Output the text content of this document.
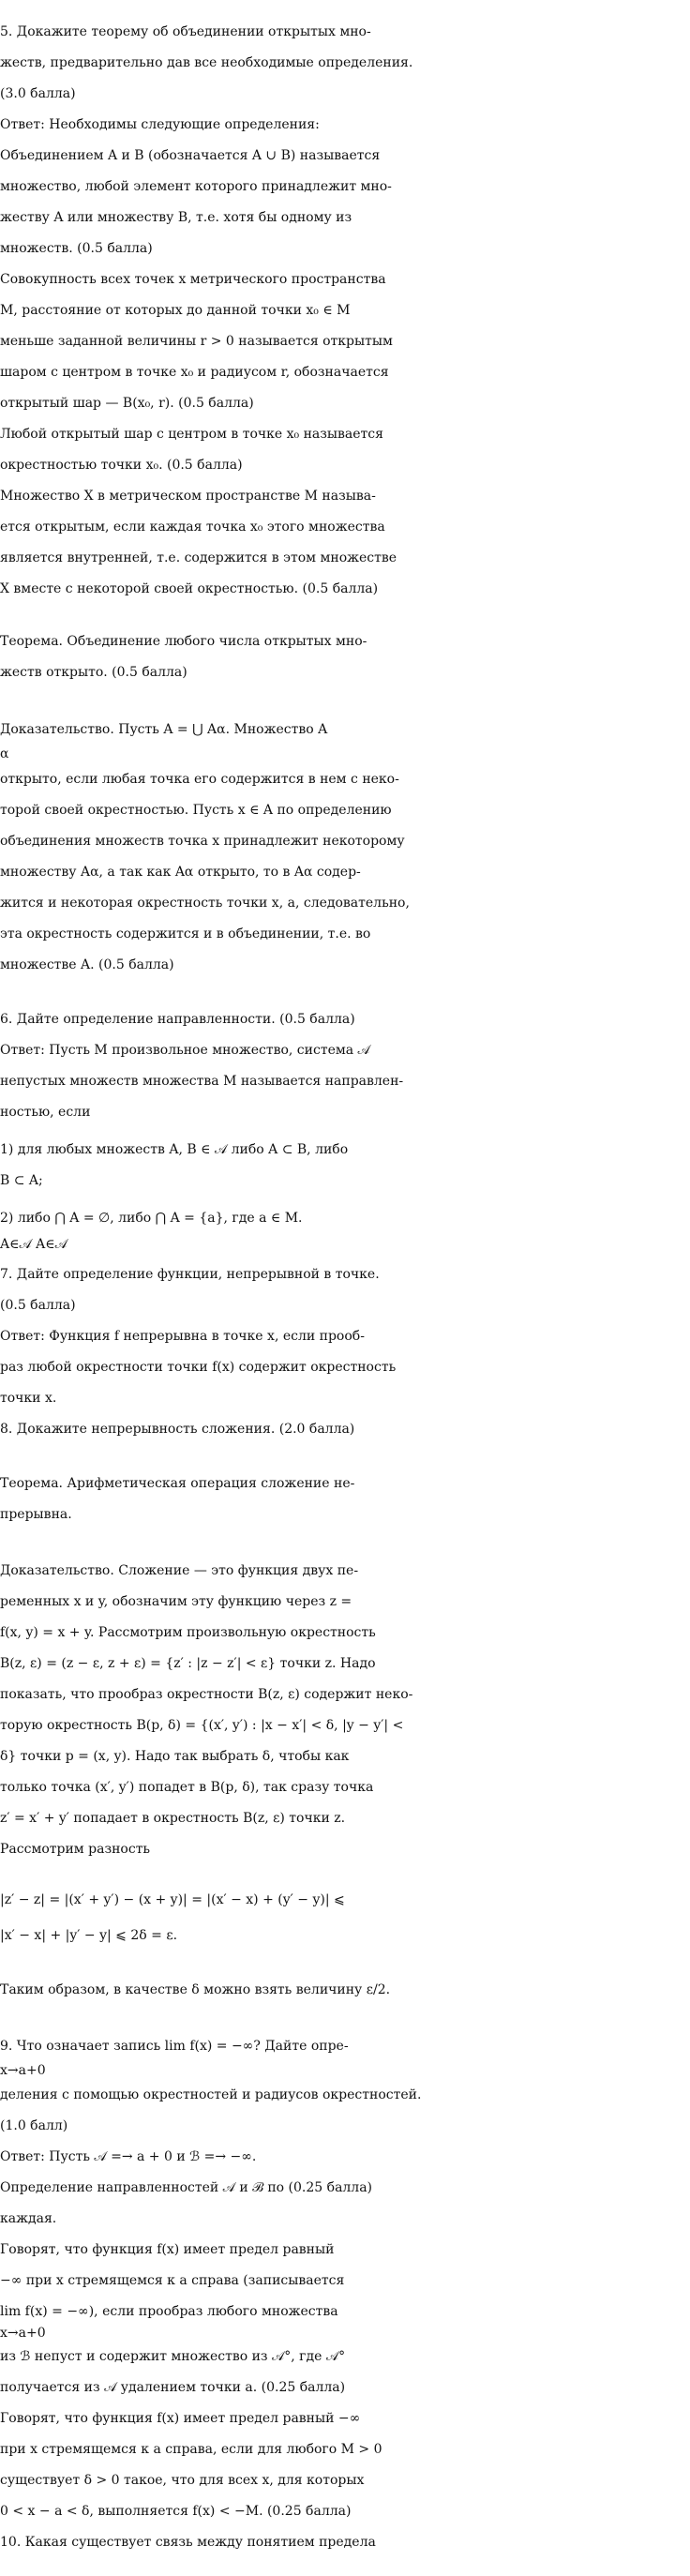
5. Докажите теорему об объединении открытых мно-
жеств, предварительно дав все необходимые определения.
(3.0 балла)
Ответ: Необходимы следующие определения:
Объединением A и B (обозначается A ∪ B) называется
множество, любой элемент которого принадлежит мно-
жеству A или множеству B, т.е. хотя бы одному из
множеств. (0.5 балла)
Совокупность всех точек x метрического пространства
M, расстояние от которых до данной точки x₀ ∈ M
меньше заданной величины r > 0 называется открытым
шаром с центром в точке x₀ и радиусом r, обозначается
открытый шар — B(x₀, r). (0.5 балла)
Любой открытый шар с центром в точке x₀ называется
окрестностью точки x₀. (0.5 балла)
Множество X в метрическом пространстве M называ-
ется открытым, если каждая точка x₀ этого множества
является внутренней, т.е. содержится в этом множестве
X вместе с некоторой своей окрестностью. (0.5 балла)
Теорема. Объединение любого числа открытых мно-
жеств открыто. (0.5 балла)
Доказательство. Пусть A = ⋃ Aα. Множество A
α
открыто, если любая точка его содержится в нем с неко-
торой своей окрестностью. Пусть x ∈ A по определению
объединения множеств точка x принадлежит некоторому
множеству Aα, а так как Aα открыто, то в Aα содер-
жится и некоторая окрестность точки x, а, следовательно,
эта окрестность содержится и в объединении, т.е. во
множестве A. (0.5 балла)
6. Дайте определение направленности. (0.5 балла)
Ответ: Пусть M произвольное множество, система 𝒜
непустых множеств множества M называется направлен-
ностью, если
1) для любых множеств A, B ∈ 𝒜 либо A ⊂ B, либо
B ⊂ A;
2) либо ⋂ A = ∅, либо ⋂ A = {a}, где a ∈ M.
A∈𝒜 A∈𝒜
7. Дайте определение функции, непрерывной в точке.
(0.5 балла)
Ответ: Функция f непрерывна в точке x, если прооб-
раз любой окрестности точки f(x) содержит окрестность
точки x.
8. Докажите непрерывность сложения. (2.0 балла)
Теорема. Арифметическая операция сложение не-
прерывна.
Доказательство. Сложение — это функция двух пе-
ременных x и y, обозначим эту функцию через z =
f(x, y) = x + y. Рассмотрим произвольную окрестность
B(z, ε) = (z − ε, z + ε) = {z′ : |z − z′| < ε} точки z. Надо
показать, что прообраз окрестности B(z, ε) содержит неко-
торую окрестность B(p, δ) = {(x′, y′) : |x − x′| < δ, |y − y′| <
δ} точки p = (x, y). Надо так выбрать δ, чтобы как
только точка (x′, y′) попадет в B(p, δ), так сразу точка
z′ = x′ + y′ попадает в окрестность B(z, ε) точки z.
Рассмотрим разность
|z′ − z| = |(x′ + y′) − (x + y)| = |(x′ − x) + (y′ − y)| ⩽
|x′ − x| + |y′ − y| ⩽ 2δ = ε.
Таким образом, в качестве δ можно взять величину ε/2.
9. Что означает запись lim f(x) = −∞? Дайте опре-
x→a+0
деления с помощью окрестностей и радиусов окрестностей.
(1.0 балл)
Ответ: Пусть 𝒜 =→ a + 0 и ℬ =→ −∞.
Определение направленностей 𝒜 и ℬ по (0.25 балла)
каждая.
Говорят, что функция f(x) имеет предел равный
−∞ при x стремящемся к a справа (записывается
lim f(x) = −∞), если прообраз любого множества
x→a+0
из ℬ непуст и содержит множество из 𝒜°, где 𝒜°
получается из 𝒜 удалением точки a. (0.25 балла)
Говорят, что функция f(x) имеет предел равный −∞
при x стремящемся к a справа, если для любого M > 0
существует δ > 0 такое, что для всех x, для которых
0 < x − a < δ, выполняется f(x) < −M. (0.25 балла)
10. Какая существует связь между понятием предела
